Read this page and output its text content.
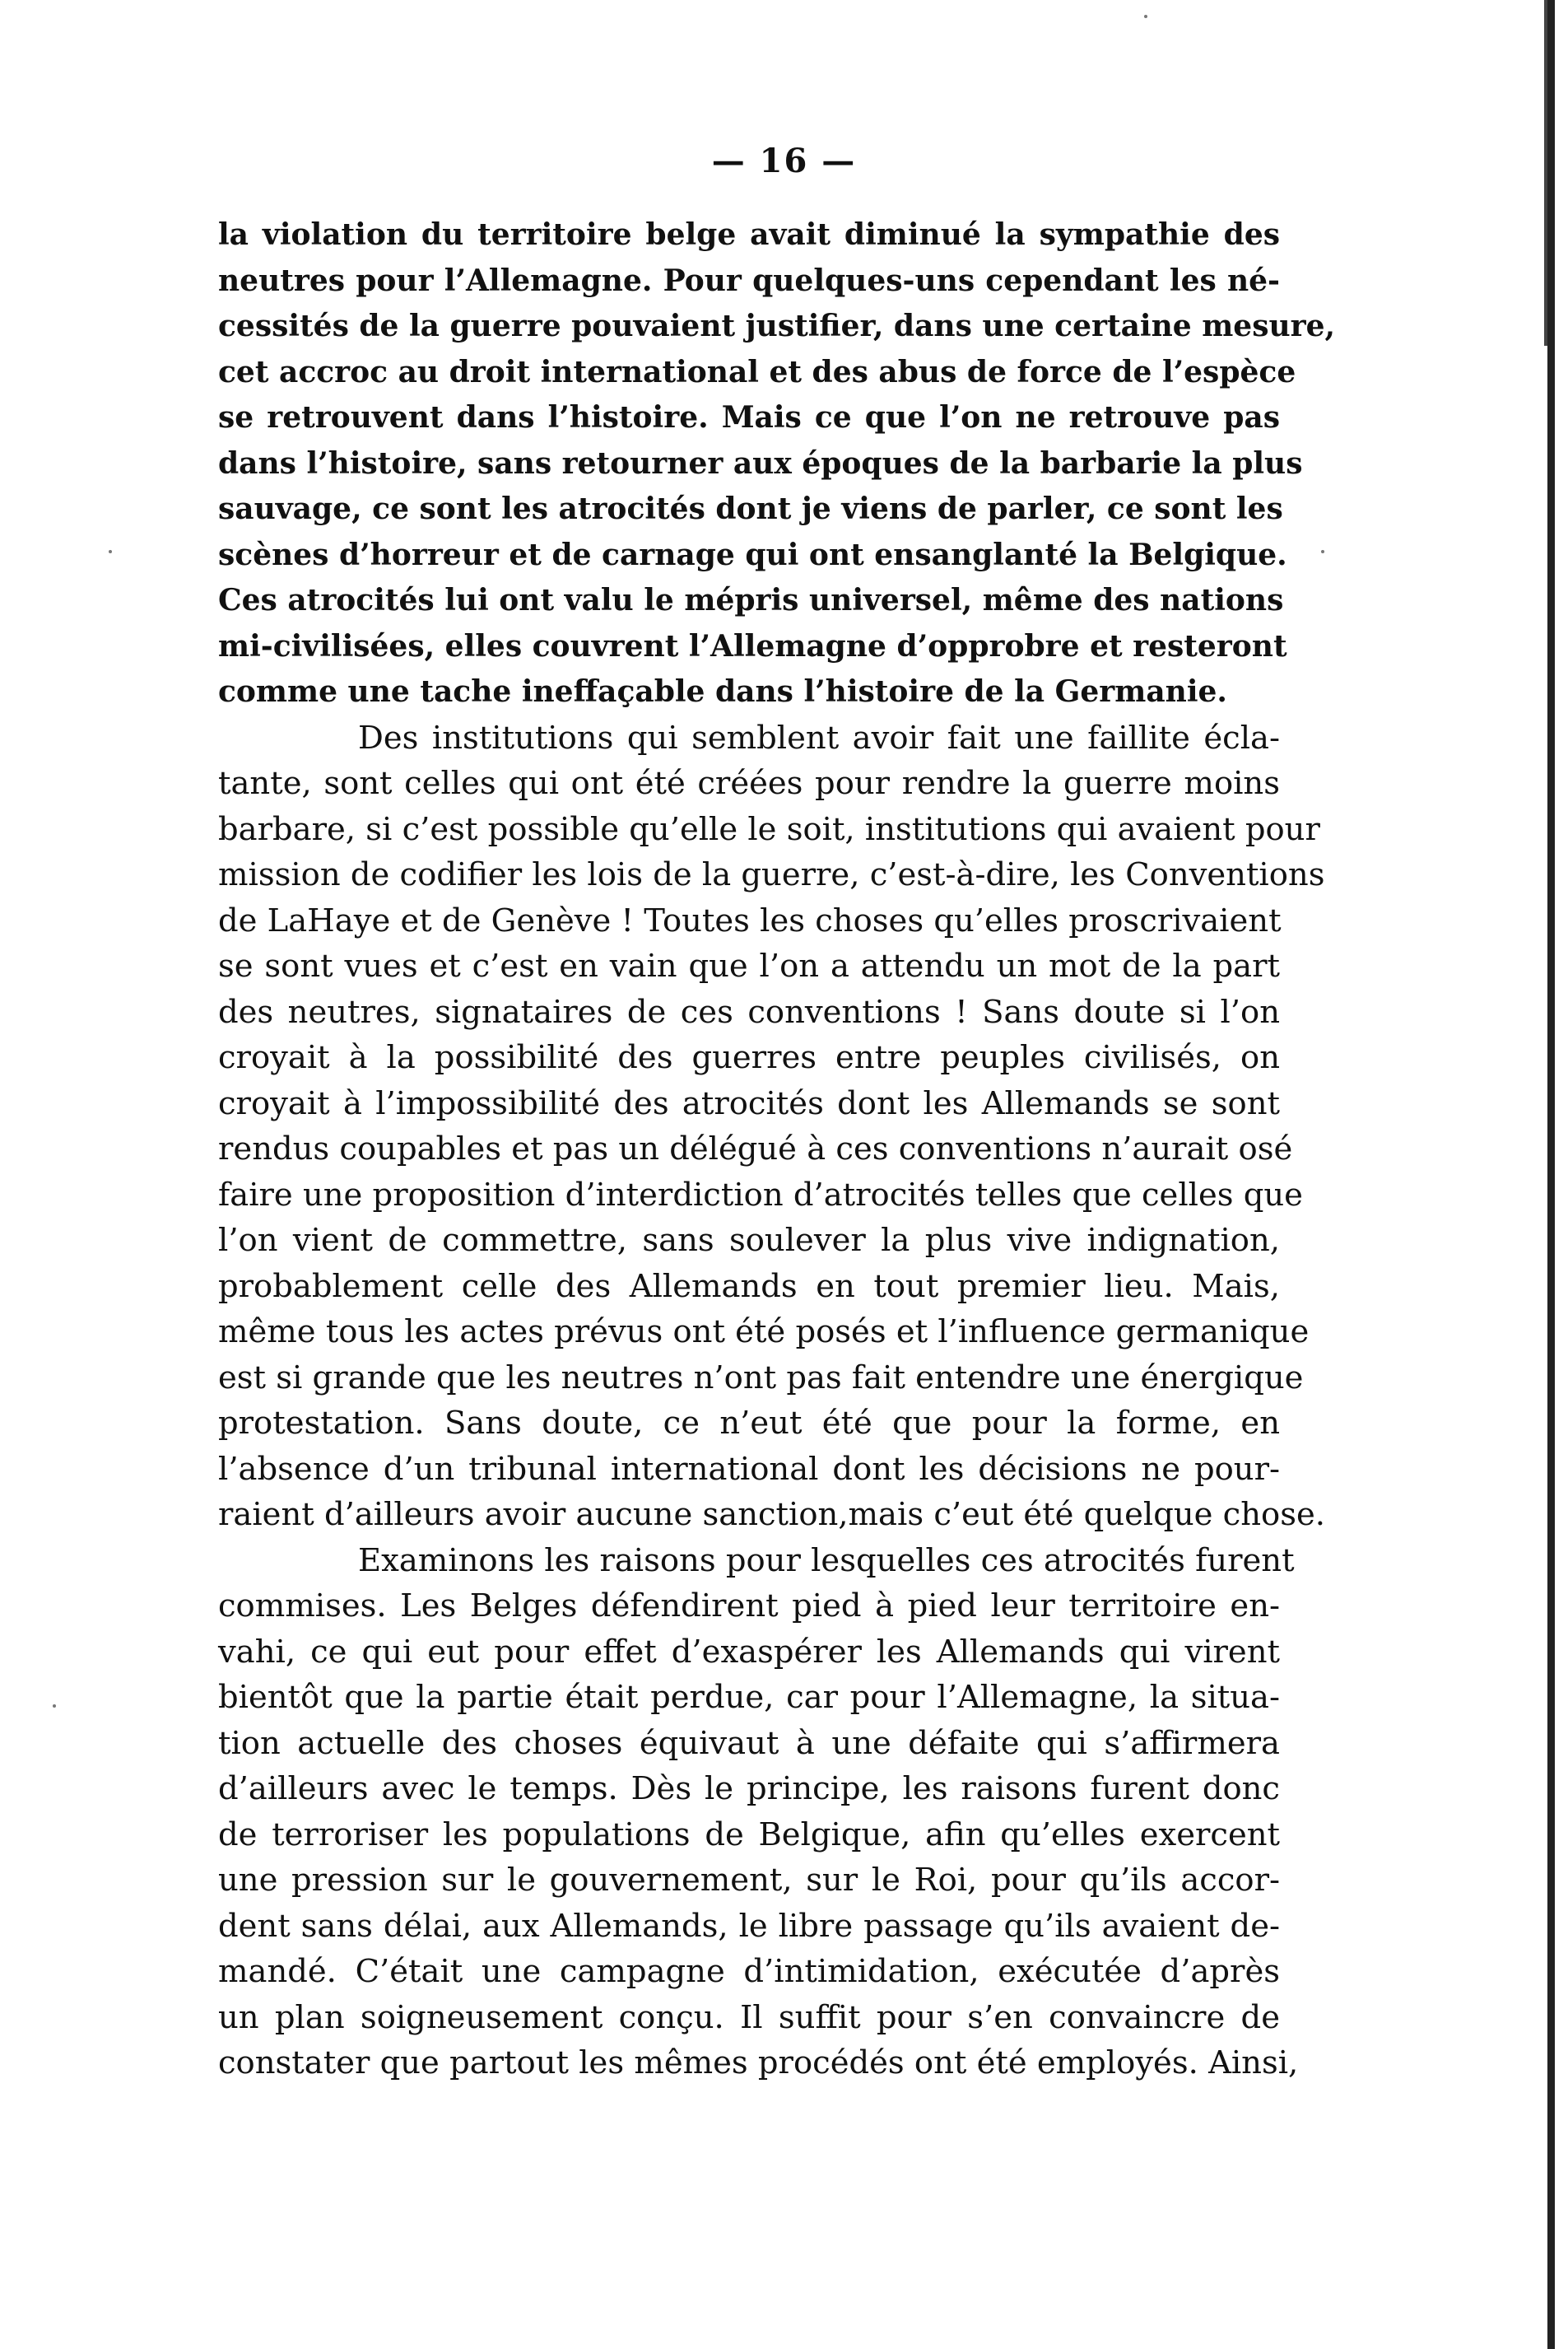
— 16 —
la violation du territoire belge avait diminué la sympathie des
neutres pour l’Allemagne. Pour quelques-uns cependant les né-
cessités de la guerre pouvaient justifier, dans une certaine mesure,
cet accroc au droit international et des abus de force de l’espèce
se retrouvent dans l’histoire. Mais ce que l’on ne retrouve pas
dans l’histoire, sans retourner aux époques de la barbarie la plus
sauvage, ce sont les atrocités dont je viens de parler, ce sont les
scènes d’horreur et de carnage qui ont ensanglanté la Belgique.
Ces atrocités lui ont valu le mépris universel, même des nations
mi-civilisées, elles couvrent l’Allemagne d’opprobre et resteront
comme une tache ineffaçable dans l’histoire de la Germanie.
Des institutions qui semblent avoir fait une faillite écla-
tante, sont celles qui ont été créées pour rendre la guerre moins
barbare, si c’est possible qu’elle le soit, institutions qui avaient pour
mission de codifier les lois de la guerre, c’est-à-dire, les Conventions
de LaHaye et de Genève ! Toutes les choses qu’elles proscrivaient
se sont vues et c’est en vain que l’on a attendu un mot de la part
des neutres, signataires de ces conventions ! Sans doute si l’on
croyait à la possibilité des guerres entre peuples civilisés, on
croyait à l’impossibilité des atrocités dont les Allemands se sont
rendus coupables et pas un délégué à ces conventions n’aurait osé
faire une proposition d’interdiction d’atrocités telles que celles que
l’on vient de commettre, sans soulever la plus vive indignation,
probablement celle des Allemands en tout premier lieu. Mais,
même tous les actes prévus ont été posés et l’influence germanique
est si grande que les neutres n’ont pas fait entendre une énergique
protestation. Sans doute, ce n’eut été que pour la forme, en
l’absence d’un tribunal international dont les décisions ne pour-
raient d’ailleurs avoir aucune sanction,mais c’eut été quelque chose.
Examinons les raisons pour lesquelles ces atrocités furent
commises. Les Belges défendirent pied à pied leur territoire en-
vahi, ce qui eut pour effet d’exaspérer les Allemands qui virent
bientôt que la partie était perdue, car pour l’Allemagne, la situa-
tion actuelle des choses équivaut à une défaite qui s’affirmera
d’ailleurs avec le temps. Dès le principe, les raisons furent donc
de terroriser les populations de Belgique, afin qu’elles exercent
une pression sur le gouvernement, sur le Roi, pour qu’ils accor-
dent sans délai, aux Allemands, le libre passage qu’ils avaient de-
mandé. C’était une campagne d’intimidation, exécutée d’après
un plan soigneusement conçu. Il suffit pour s’en convaincre de
constater que partout les mêmes procédés ont été employés. Ainsi,
